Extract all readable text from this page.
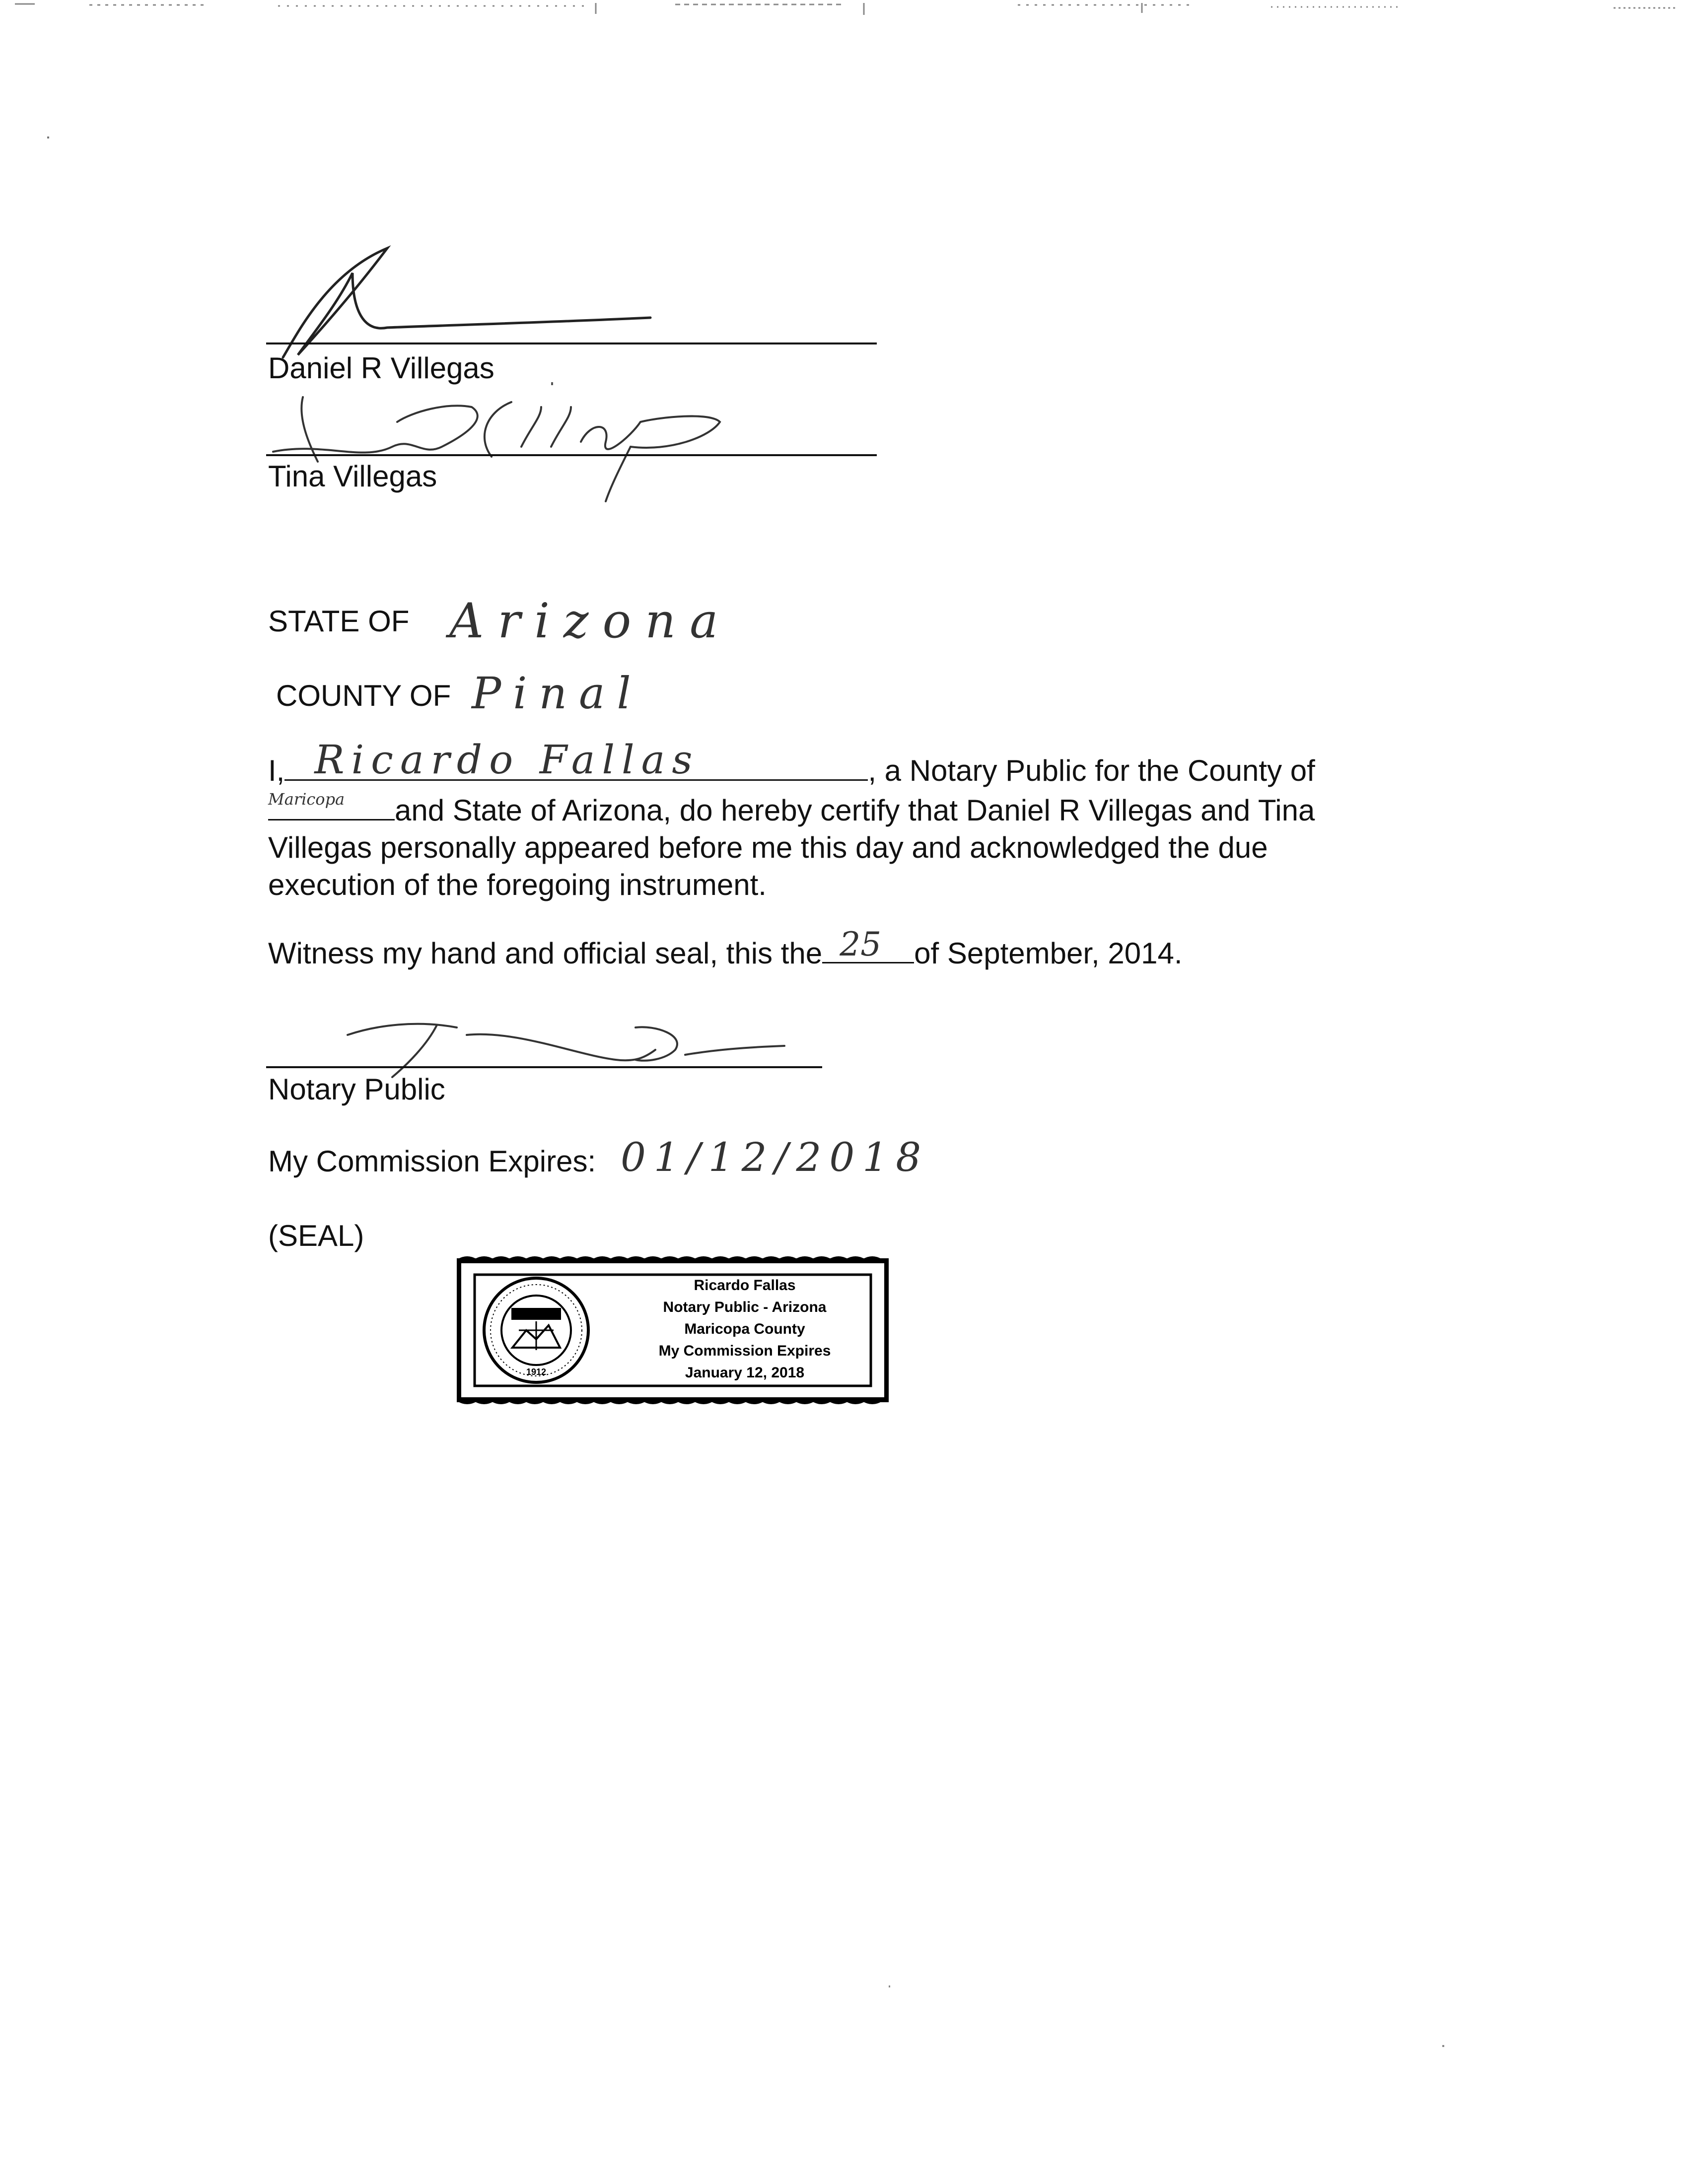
Daniel R Villegas
Tina Villegas
STATE OF Arizona
COUNTY OF Pinal
I, Ricardo Fallas	, a Notary Public for the County of
Maricopa and State of Arizona, do hereby certify that Daniel R Villegas and Tina
Villegas personally appeared before me this day and acknowledged the due
execution of the foregoing instrument.
Witness my hand and official seal, this the 25 of September, 2014.
Notary Public
My Commission Expires: 01/12/2018
(SEAL)
1912
Ricardo Fallas
Notary Public - Arizona
Maricopa County
My Commission Expires
January 12, 2018
